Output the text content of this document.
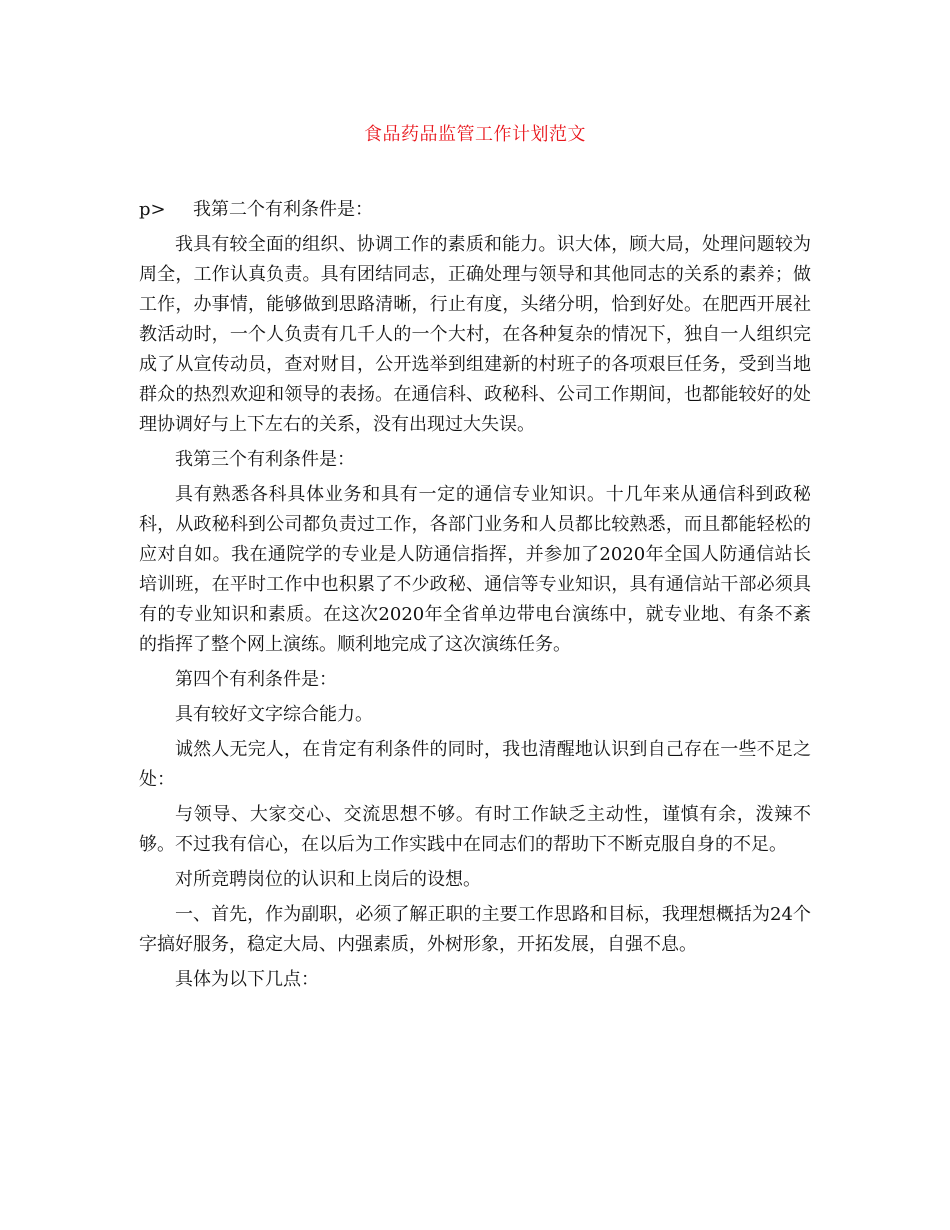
食品药品监管工作计划范文

p> 我第二个有利条件是：

我具有较全面的组织、协调工作的素质和能力。识大体，顾大局，处理问题较为周全，工作认真负责。具有团结同志，正确处理与领导和其他同志的关系的素养；做工作，办事情，能够做到思路清晰，行止有度，头绪分明，恰到好处。在肥西开展社教活动时，一个人负责有几千人的一个大村，在各种复杂的情况下，独自一人组织完成了从宣传动员，查对财目，公开选举到组建新的村班子的各项艰巨任务，受到当地群众的热烈欢迎和领导的表扬。在通信科、政秘科、公司工作期间，也都能较好的处理协调好与上下左右的关系，没有出现过大失误。

我第三个有利条件是：

具有熟悉各科具体业务和具有一定的通信专业知识。十几年来从通信科到政秘科，从政秘科到公司都负责过工作，各部门业务和人员都比较熟悉，而且都能轻松的应对自如。我在通院学的专业是人防通信指挥，并参加了2020年全国人防通信站长培训班，在平时工作中也积累了不少政秘、通信等专业知识，具有通信站干部必须具有的专业知识和素质。在这次2020年全省单边带电台演练中，就专业地、有条不紊的指挥了整个网上演练。顺利地完成了这次演练任务。

第四个有利条件是：

具有较好文字综合能力。

诚然人无完人，在肯定有利条件的同时，我也清醒地认识到自己存在一些不足之处：

与领导、大家交心、交流思想不够。有时工作缺乏主动性，谨慎有余，泼辣不够。不过我有信心，在以后为工作实践中在同志们的帮助下不断克服自身的不足。

对所竞聘岗位的认识和上岗后的设想。

一、首先，作为副职，必须了解正职的主要工作思路和目标，我理想概括为24个字搞好服务，稳定大局、内强素质，外树形象，开拓发展，自强不息。

具体为以下几点：
